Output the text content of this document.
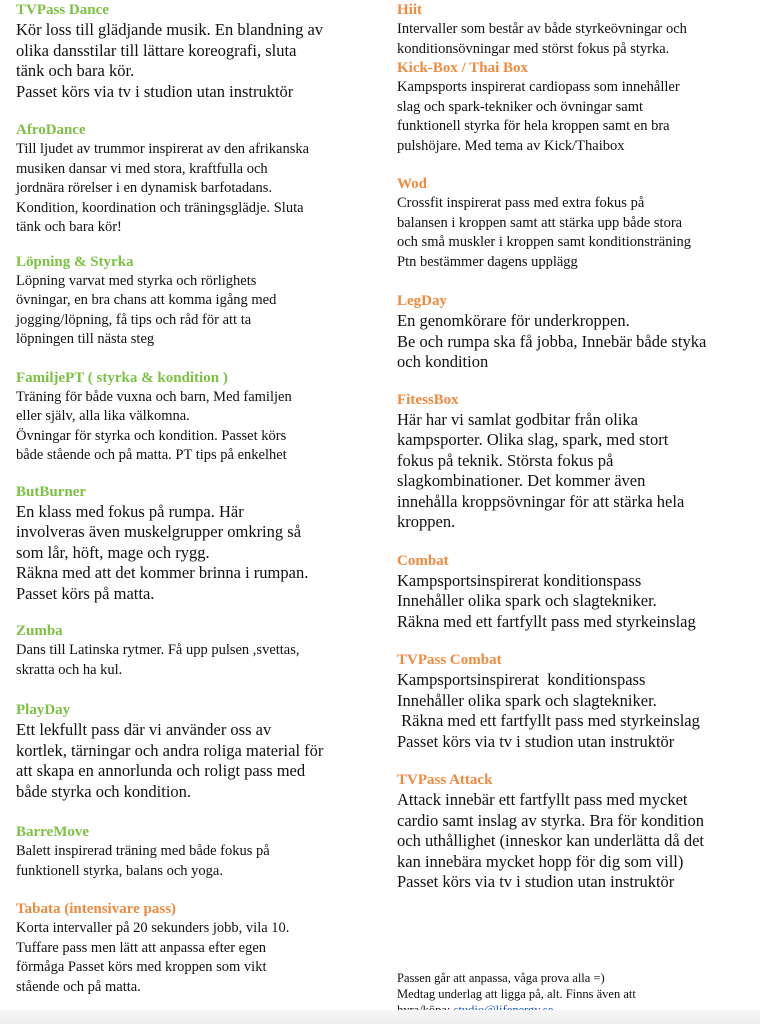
TVPass Dance
Kör loss till glädjande musik. En blandning av
olika dansstilar till lättare koreografi, sluta
tänk och bara kör.
Passet körs via tv i studion utan instruktör
AfroDance
Till ljudet av trummor inspirerat av den afrikanska
musiken dansar vi med stora, kraftfulla och
jordnära rörelser i en dynamisk barfotadans.
Kondition, koordination och träningsglädje. Sluta
tänk och bara kör!
Löpning & Styrka
Löpning varvat med styrka och rörlighets
övningar, en bra chans att komma igång med
jogging/löpning, få tips och råd för att ta
löpningen till nästa steg
FamiljePT ( styrka & kondition )
Träning för både vuxna och barn, Med familjen
eller själv, alla lika välkomna.
Övningar för styrka och kondition. Passet körs
både stående och på matta. PT tips på enkelhet
ButBurner
En klass med fokus på rumpa. Här
involveras även muskelgrupper omkring så
som lår, höft, mage och rygg.
Räkna med att det kommer brinna i rumpan.
Passet körs på matta.
Zumba
Dans till Latinska rytmer. Få upp pulsen ,svettas,
skratta och ha kul.
PlayDay
Ett lekfullt pass där vi använder oss av
kortlek, tärningar och andra roliga material för
att skapa en annorlunda och roligt pass med
både styrka och kondition.
BarreMove
Balett inspirerad träning med både fokus på
funktionell styrka, balans och yoga.
Tabata (intensivare pass)
Korta intervaller på 20 sekunders jobb, vila 10.
Tuffare pass men lätt att anpassa efter egen
förmåga Passet körs med kroppen som vikt
stående och på matta.
Hiit
Intervaller som består av både styrkeövningar och
konditionsövningar med störst fokus på styrka.
Kick-Box / Thai Box
Kampsports inspirerat cardiopass som innehåller
slag och spark-tekniker och övningar samt
funktionell styrka för hela kroppen samt en bra
pulshöjare. Med tema av Kick/Thaibox
Wod
Crossfit inspirerat pass med extra fokus på
balansen i kroppen samt att stärka upp både stora
och små muskler i kroppen samt konditionsträning
Ptn bestämmer dagens upplägg
LegDay
En genomkörare för underkroppen.
Be och rumpa ska få jobba, Innebär både styka
och kondition
FitessBox
Här har vi samlat godbitar från olika
kampsporter. Olika slag, spark, med stort
fokus på teknik. Största fokus på
slagkombinationer. Det kommer även
innehålla kroppsövningar för att stärka hela
kroppen.
Combat
Kampsportsinspirerat konditionspass
Innehåller olika spark och slagtekniker.
Räkna med ett fartfyllt pass med styrkeinslag
TVPass Combat
Kampsportsinspirerat  konditionspass
Innehåller olika spark och slagtekniker.
Räkna med ett fartfyllt pass med styrkeinslag
Passet körs via tv i studion utan instruktör
TVPass Attack
Attack innebär ett fartfyllt pass med mycket
cardio samt inslag av styrka. Bra för kondition
och uthållighet (inneskor kan underlätta då det
kan innebära mycket hopp för dig som vill)
Passet körs via tv i studion utan instruktör
Passen går att anpassa, våga prova alla =)
Medtag underlag att ligga på, alt. Finns även att
